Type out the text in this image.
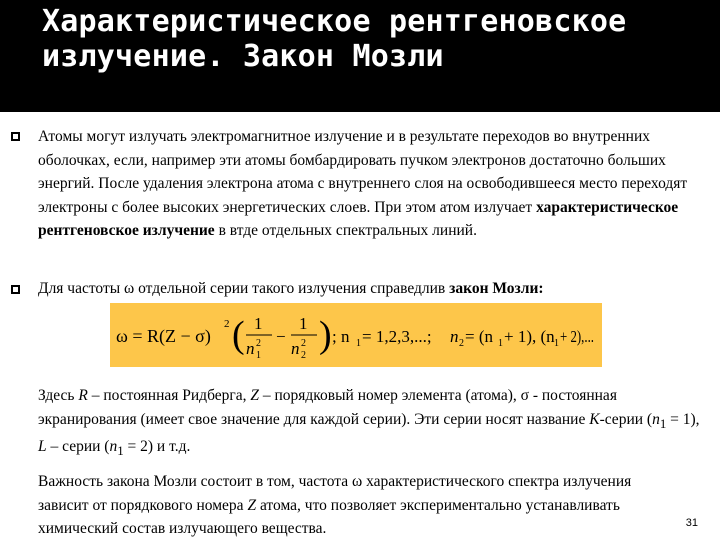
Характеристическое рентгеновское излучение. Закон Мозли
Атомы могут излучать электромагнитное излучение и в результате переходов во внутренних оболочках, если, например эти атомы бомбардировать пучком электронов достаточно больших энергий. После удаления электрона атома с внутреннего слоя на освободившееся место переходят электроны с более высоких энергетических слоев. При этом атом излучает характеристическое рентгеновское излучение в втде отдельных спектральных линий.
Для частоты ω отдельной серии такого излучения справедлив закон Мозли:
ω = R(Z − σ)
2 ( 1
n 1
2 −
1
n 2
2 ) ; n 1 = 1,2,3,...; n 2 = (n 1 + 1), (n 1 + 2),...
Здесь R – постоянная Ридберга, Z – порядковый номер элемента (атома), σ - постоянная экранирования (имеет свое значение для каждой серии). Эти серии носят название K-серии $(n_1 = 1)$, L – серии $(n_1 = 2)$ и т.д.
Важность закона Мозли состоит в том, частота ω характеристического спектра излучения зависит от порядкового номера Z атома, что позволяет экспериментально устанавливать химический состав излучающего вещества.	31
